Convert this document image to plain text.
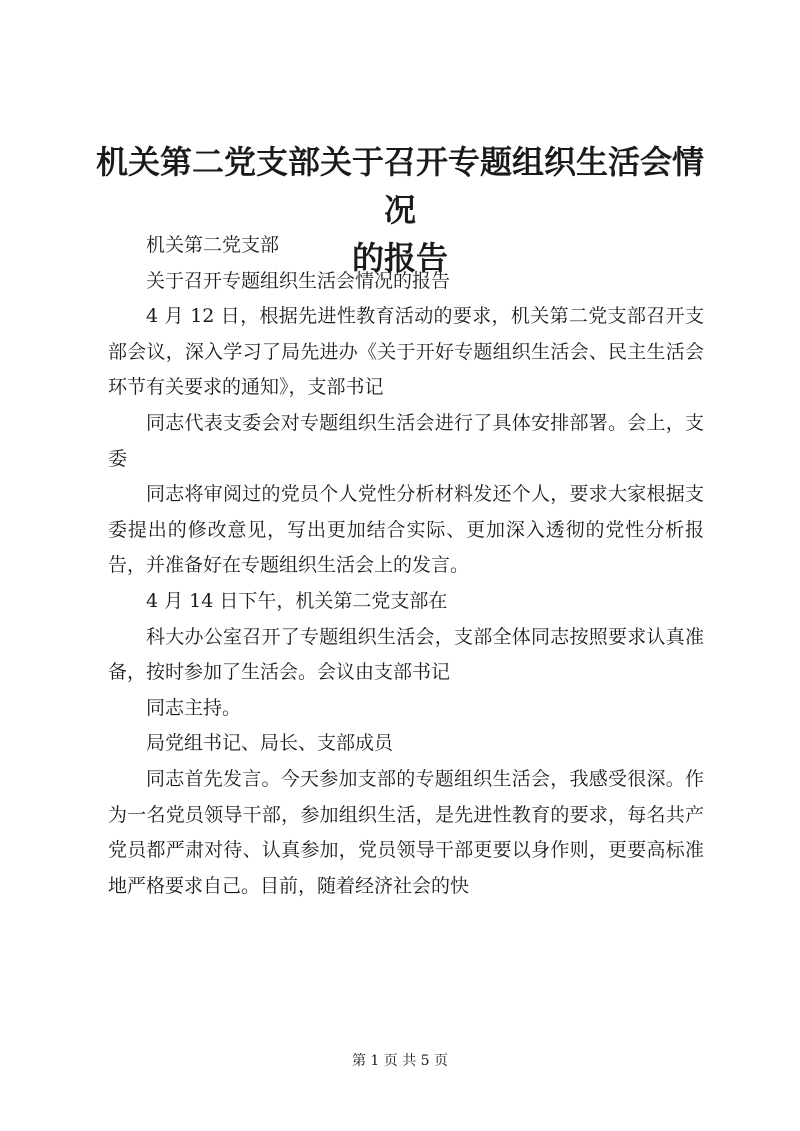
机关第二党支部关于召开专题组织生活会情况
的报告

机关第二党支部

关于召开专题组织生活会情况的报告

4 月 12 日，根据先进性教育活动的要求，机关第二党支部召开支部会议，深入学习了局先进办《关于开好专题组织生活会、民主生活会环节有关要求的通知》，支部书记

同志代表支委会对专题组织生活会进行了具体安排部署。会上，支委

同志将审阅过的党员个人党性分析材料发还个人，要求大家根据支委提出的修改意见，写出更加结合实际、更加深入透彻的党性分析报告，并准备好在专题组织生活会上的发言。

4 月 14 日下午，机关第二党支部在

科大办公室召开了专题组织生活会，支部全体同志按照要求认真准备，按时参加了生活会。会议由支部书记

同志主持。

局党组书记、局长、支部成员

同志首先发言。今天参加支部的专题组织生活会，我感受很深。作为一名党员领导干部，参加组织生活，是先进性教育的要求，每名共产党员都严肃对待、认真参加，党员领导干部更要以身作则，更要高标准地严格要求自己。目前，随着经济社会的快

第 1 页 共 5 页
